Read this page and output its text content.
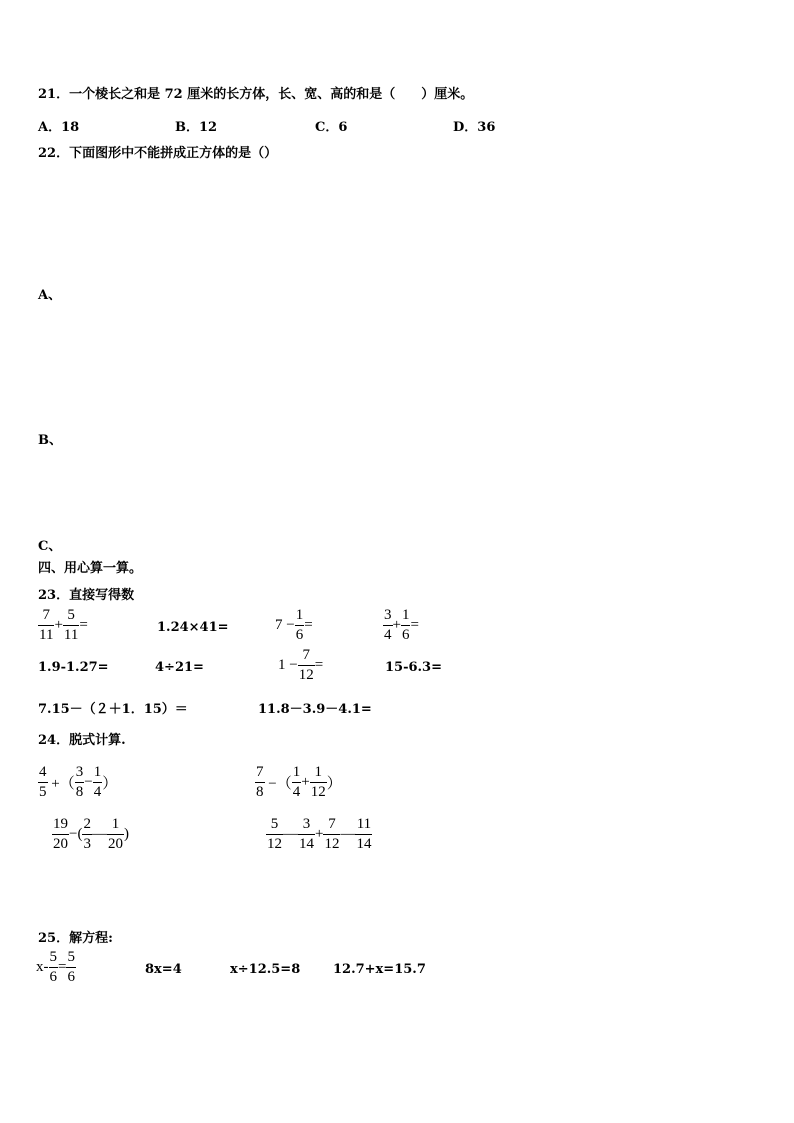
21．一个棱长之和是 72 厘米的长方体，长、宽、高的和是（　　）厘米。
A．18	B．12	C．6	D．36
22．下面图形中不能拼成正方体的是（）
A、
B、
C、
四、用心算一算。
23．直接写得数
$\frac{7}{11} + \frac{5}{11}$ =	1.24×41=	$7 - \frac{1}{6}$ =	$\frac{3}{4} + \frac{1}{6}$ =
1.9-1.27=	4÷21=	$1 - \frac{7}{12}$ =	15-6.3=
7.15－（２＋1．15）＝	11.8－3.9－4.1=
24．脱式计算.
$\frac{4}{5}$ +（ $\frac{3}{8} - \frac{1}{4}$ ）	$\frac{7}{8}$ −（ $\frac{1}{4} + \frac{1}{12}$ ）
$\frac{19}{20}$ −( $\frac{2}{3}$ — $\frac{1}{20}$ )	$\frac{5}{12}$ — $\frac{3}{14} + \frac{7}{12}$ — $\frac{11}{14}$
25．解方程:
$x- \frac{5}{6} = \frac{5}{6}$	8x=4	x÷12.5=8	12.7+x=15.7
